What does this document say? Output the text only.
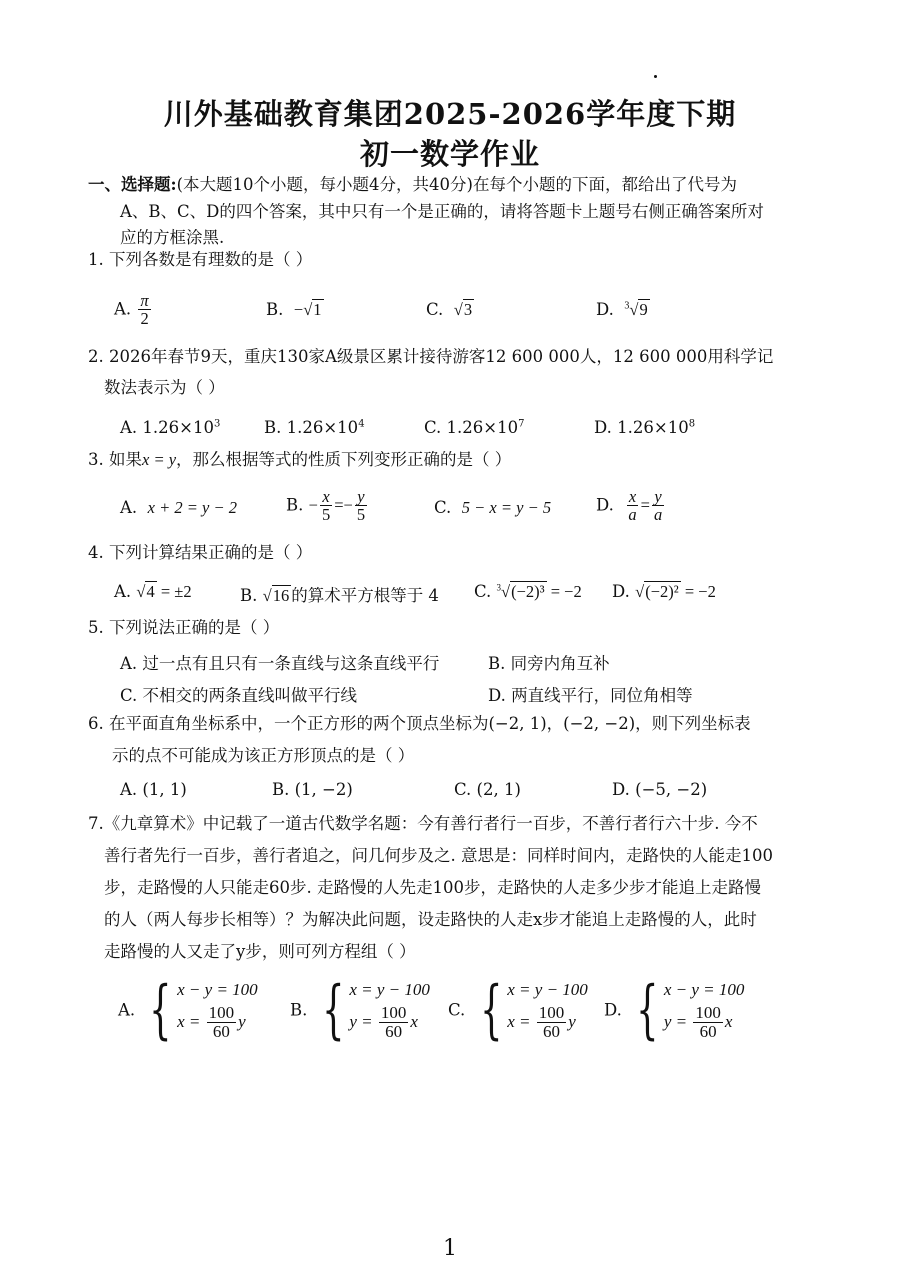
川外基础教育集团2025-2026学年度下期
初一数学作业
一、选择题:(本大题10个小题，每小题4分，共40分)在每个小题的下面，都给出了代号为
A、B、C、D的四个答案，其中只有一个是正确的，请将答题卡上题号右侧正确答案所对
应的方框涂黑.
1. 下列各数是有理数的是（ ）
A. $\frac{\pi}{2}$	B. −√1	C. √3	D. $^3$√9
2. 2026年春节9天，重庆130家A级景区累计接待游客12 600 000人，12 600 000用科学记
数法表示为（ ）
A. $1.26\times 10^3$	B. $1.26\times 10^4$	C. $1.26\times 10^7$	D. $1.26\times 10^8$
3. 如果x = y，那么根据等式的性质下列变形正确的是（ ）
A. x + 2 = y − 2	B. − $\frac{x}{5} =- \frac{y}{5}$	C. 5 − x = y − 5	D. $\frac{x}{a} = \frac{y}{a}$
4. 下列计算结果正确的是（ ）
A. √4 = ±2	B. √16 的算术平方根等于 4 C. $^3$√(−2)³ = −2 D. √(−2)² = −2
5. 下列说法正确的是（ ）
A. 过一点有且只有一条直线与这条直线平行	B. 同旁内角互补
C. 不相交的两条直线叫做平行线	D. 两直线平行，同位角相等
6. 在平面直角坐标系中，一个正方形的两个顶点坐标为(−2, 1)，(−2, −2)，则下列坐标表
示的点不可能成为该正方形顶点的是（ ）
A. (1, 1)	B. (1, −2)	C. (2, 1)	D. (−5, −2)
7.《九章算术》中记载了一道古代数学名题：今有善行者行一百步，不善行者行六十步. 今不
善行者先行一百步，善行者追之，问几何步及之. 意思是：同样时间内，走路快的人能走100
步，走路慢的人只能走60步. 走路慢的人先走100步，走路快的人走多少步才能追上走路慢
的人（两人每步长相等）？为解决此问题，设走路快的人走x步才能追上走路慢的人，此时
走路慢的人又走了y步，则可列方程组（ ）
A. { x − y = 100
x =
$\frac{100}{60}$ y
B. { x = y − 100
y =
$\frac{100}{60}$ x
C. { x = y − 100
x =
$\frac{100}{60}$ y
D. { x − y = 100
y =
$\frac{100}{60}$ x
1
